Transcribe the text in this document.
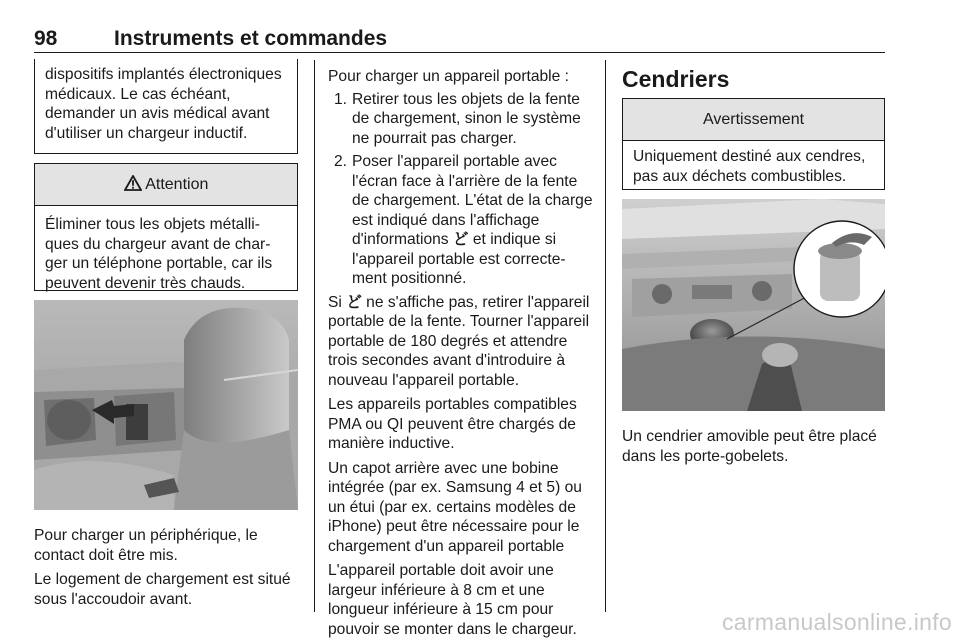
98	Instruments et commandes
dispositifs implantés électroniques médicaux. Le cas échéant, demander un avis médical avant d'utiliser un chargeur inductif.
Attention
Éliminer tous les objets métalliques du chargeur avant de charger un téléphone portable, car ils peuvent devenir très chauds.

Pour charger un périphérique, le contact doit être mis.

Le logement de chargement est situé sous l'accoudoir avant.

Pour charger un appareil portable :

1. Retirer tous les objets de la fente de chargement, sinon le système ne pourrait pas charger.
2. Poser l'appareil portable avec l'écran face à l'arrière de la fente de chargement. L'état de la charge est indiqué dans l'affichage d'informations ど et indique si l'appareil portable est correctement positionné.

Si ど ne s'affiche pas, retirer l'appareil portable de la fente. Tourner l'appareil portable de 180 degrés et attendre trois secondes avant d'introduire à nouveau l'appareil portable.

Les appareils portables compatibles PMA ou QI peuvent être chargés de manière inductive.

Un capot arrière avec une bobine intégrée (par ex. Samsung 4 et 5) ou un étui (par ex. certains modèles de iPhone) peut être nécessaire pour le chargement d'un appareil portable

L'appareil portable doit avoir une largeur inférieure à 8 cm et une longueur inférieure à 15 cm pour pouvoir se monter dans le chargeur.

Cendriers
Avertissement
Uniquement destiné aux cendres, pas aux déchets combustibles.
Un cendrier amovible peut être placé dans les porte-gobelets.
carmanualsonline.info
